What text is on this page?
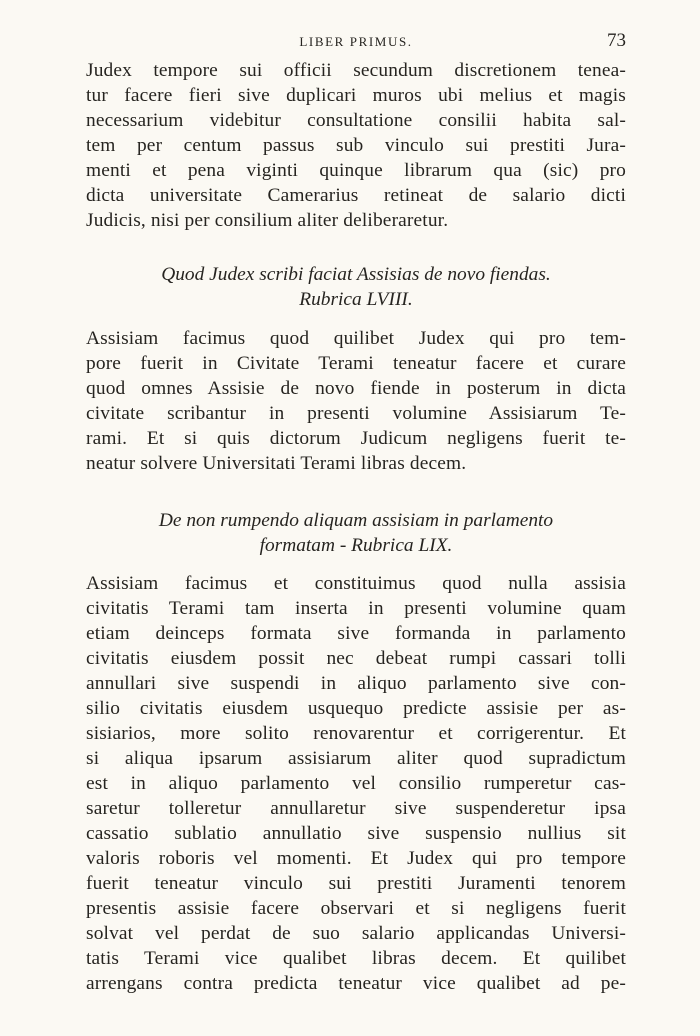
LIBER PRIMUS.	73

Judex tempore sui officii secundum discretionem tenea-

tur facere fieri sive duplicari muros ubi melius et magis

necessarium videbitur consultatione consilii habita sal-

tem per centum passus sub vinculo sui prestiti Jura-

menti et pena viginti quinque librarum qua (sic) pro

dicta universitate Camerarius retineat de salario dicti

Judicis, nisi per consilium aliter deliberaretur.

Quod Judex scribi faciat Assisias de novo fiendas.
Rubrica LVIII.

Assisiam facimus quod quilibet Judex qui pro tem-

pore fuerit in Civitate Terami teneatur facere et curare

quod omnes Assisie de novo fiende in posterum in dicta

civitate scribantur in presenti volumine Assisiarum Te-

rami. Et si quis dictorum Judicum negligens fuerit te-

neatur solvere Universitati Terami libras decem.

De non rumpendo aliquam assisiam in parlamento
formatam - Rubrica LIX.

Assisiam facimus et constituimus quod nulla assisia

civitatis Terami tam inserta in presenti volumine quam

etiam deinceps formata sive formanda in parlamento

civitatis eiusdem possit nec debeat rumpi cassari tolli

annullari sive suspendi in aliquo parlamento sive con-

silio civitatis eiusdem usquequo predicte assisie per as-

sisiarios, more solito renovarentur et corrigerentur. Et

si aliqua ipsarum assisiarum aliter quod supradictum

est in aliquo parlamento vel consilio rumperetur cas-

saretur tolleretur annullaretur sive suspenderetur ipsa

cassatio sublatio annullatio sive suspensio nullius sit

valoris roboris vel momenti. Et Judex qui pro tempore

fuerit teneatur vinculo sui prestiti Juramenti tenorem

presentis assisie facere observari et si negligens fuerit

solvat vel perdat de suo salario applicandas Universi-

tatis Terami vice qualibet libras decem. Et quilibet

arrengans contra predicta teneatur vice qualibet ad pe-
